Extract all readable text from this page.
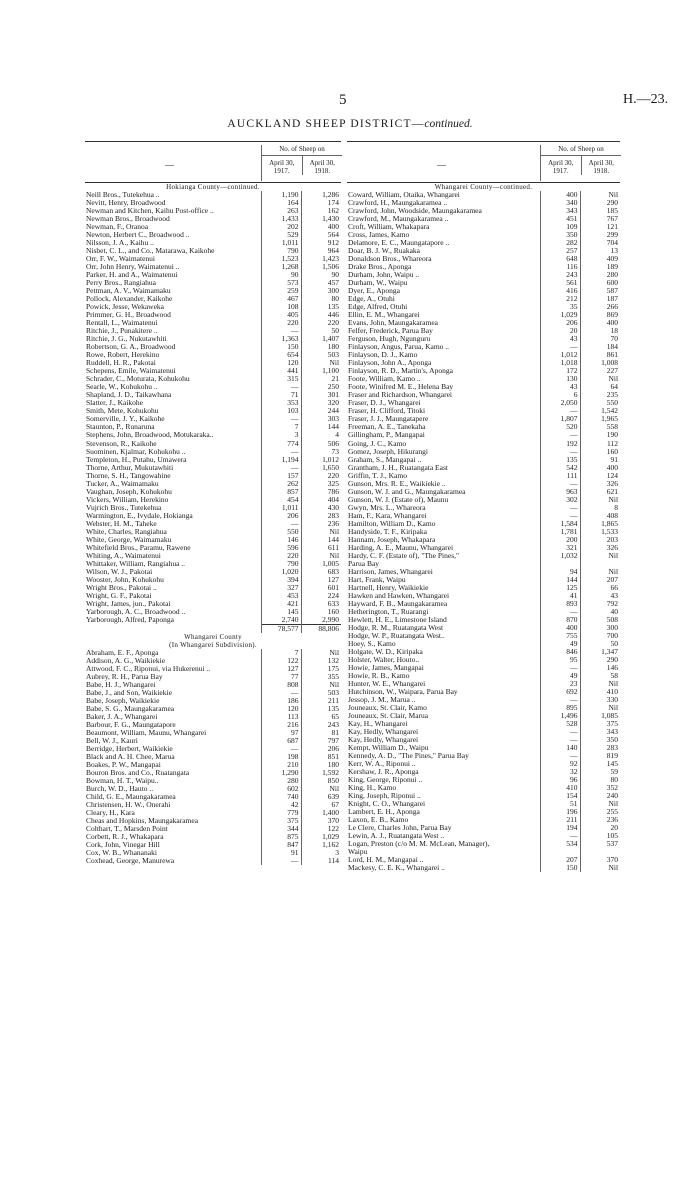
5	H.—23.
AUCKLAND SHEEP DISTRICT—continued.
—
No. of Sheep on
April 30, 1917.
April 30, 1918.
Hokianga County—continued.		
Neill Bros., Tutekehua ..	1,190	1,286
Nevitt, Henry, Broadwood	164	174
Newman and Kitchen, Kaihu Post-office ..	263	162
Newman Bros., Broadwood	1,433	1,430
Newman, F., Oranoa	202	400
Newton, Herbert C., Broadwood ..	529	564
Nilsson, J. A., Kaihu ..	1,011	912
Nisbet, C. L., and Co., Matarawa, Kaikohe	790	964
Orr, F. W., Waimatenui	1,523	1,423
Orr, John Henry, Waimatenui ..	1,268	1,506
Parker, H. and A., Waimatenui	90	90
Perry Bros., Rangiahua	573	457
Pettman, A. V., Waimamaku	259	300
Pollock, Alexander, Kaikohe	467	80
Powick, Jesse, Wekaweka	108	135
Primmer, G. H., Broadwood	405	446
Rentall, L., Waimatenui	220	220
Ritchie, J., Punakitere ..	—	50
Ritchie, J. G., Nukutawhiti	1,363	1,407
Robertson, G. A., Broadwood	150	180
Rowe, Robert, Herekino	654	503
Ruddell, H. R., Pakotai	120	Nil
Schepens, Emile, Waimatenui	441	1,100
Schrader, C., Moturata, Kohukohu	315	21
Searle, W., Kohukohu ..	—	250
Shapland, J. D., Taikawhana	71	301
Slatter, J., Kaikohe	353	320
Smith, Mete, Kohukohu	103	244
Somerville, J. Y., Kaikohe	—	303
Staunton, P., Runaruna	7	144
Stephens, John, Broadwood, Motukaraka..	3	4
Stevenson, R., Kaikohe	774	506
Suominen, Kjalmar, Kohukohu ..	—	73
Templeton, H., Putahu, Umawera	1,194	1,012
Thorne, Arthur, Mukutawhiti	—	1,650
Thorne, S. H., Tangowahine	157	220
Tucker, A., Waimamaku	262	325
Vaughan, Joseph, Kohukohu	857	786
Vickers, William, Herekino	454	404
Vujrich Bros., Tutekehua	1,011	430
Warmington, E., Ivydale, Hokianga	206	283
Webster, H. M., Taheke	—	236
White, Charles, Rangiahua	550	Nil
White, George, Waimamaku	146	144
Whitefield Bros., Paramu, Rawene	596	611
Whiting, A., Waimatenui	220	Nil
Whittaker, William, Rangiahua ..	790	1,005
Wilson, W. J., Pakotai	1,020	683
Wooster, John, Kohukohu	394	127
Wright Bros., Pakotai ..	327	601
Wright, G. F., Pakotai	453	224
Wright, James, jun., Pakotai	421	633
Yarborough, A. C., Broadwood ..	145	160
Yarborough, Alfred, Paponga	2,740	2,990
	78,577	88,806
Whangarei County		
(In Whangarei Subdivision).		
Abraham, E. F., Aponga	7	Nil
Addison, A. G., Waikiekie	122	132
Attwood, F. C., Riponui, via Hukerenui ..	127	175
Aubrey, R. H., Parua Bay	77	355
Babe, H. J., Whangarei	808	Nil
Babe, J., and Son, Waikiekie	—	503
Babe, Joseph, Waikiekie	186	211
Babe, S. G., Maungakaramea	120	135
Baker, J. A., Whangarei	113	65
Barbour, F. G., Maungatapore	216	243
Beaumont, William, Maunu, Whangarei	97	81
Bell, W. J., Kauri	687	797
Berridge, Herbert, Waikiekie	—	206
Black and A. H. Chee, Marua	198	851
Boakes, P. W., Mangapai	210	180
Bouron Bros. and Co., Ruatangata	1,290	1,592
Bowman, H. T., Waipu..	280	850
Burch, W. D., Hauto ..	602	Nil
Child, G. E., Maungakaramea	740	639
Christensen, H. W., Onerahi	42	67
Cleary, H., Kara	779	1,400
Cheas and Hopkins, Maungakaramea	375	370
Colthart, T., Marsden Point	344	122
Corbett, R. J., Whakapara	875	1,029
Cork, John, Vinegar Hill	847	1,162
Cox, W. B., Whananaki	91	3
Coxhead, George, Manurewa	—	114
—
No. of Sheep on
April 30, 1917.
April 30, 1918.
Whangarei County—continued.		
Coward, William, Otaika, Whangarei	400	Nil
Crawford, H., Maungakaramea ..	340	290
Crawford, John, Woodside, Maungakaramea	343	185
Crawford, M., Maungakaramea ..	451	767
Croft, William, Whakapara	109	121
Cross, James, Kamo	350	299
Delamore, E. C., Maungatapore ..	282	704
Doar, B. J. W., Ruakaka	257	13
Donaldson Bros., Whareora	648	409
Drake Bros., Aponga	116	189
Durham, John, Waipu ..	243	280
Durham, W., Waipu	561	600
Dyer, E., Aponga	416	587
Edge, A., Otuhi	212	187
Edge, Alfred, Otuhi	35	266
Ellin, E. M., Whangarei	1,029	869
Evans, John, Maungakaramea	206	400
Felfer, Frederick, Parua Bay	20	18
Ferguson, Hugh, Ngunguru	43	70
Finlayson, Angus, Parua, Kamo ..	—	184
Finlayson, D. J., Kamo	1,012	861
Finlayson, John A., Aponga	1,018	1,008
Finlayson, R. D., Martin's, Aponga	172	227
Foote, William, Kamo ..	130	Nil
Foote, Winifred M. E., Helena Bay	43	64
Fraser and Richardson, Whangarei	6	235
Fraser, D. J., Whangarei	2,050	550
Fraser, H. Clifford, Titoki	—	1,542
Fraser, J. J., Maungatapere	1,807	1,965
Freeman, A. E., Tanekaha	520	558
Gillingham, P., Mangapai	—	190
Going, J. C., Kamo	192	112
Gomez, Joseph, Hikurangi	—	160
Graham, S., Mangapai ..	135	91
Grantham, J. H., Ruatangata East	542	400
Griffin, T. J., Kamo	111	124
Gunson, Mrs. R. E., Waikiekie ..	—	326
Gunson, W. J. and G., Maungakaramea	963	621
Gunson, W. J. (Estate of), Maunu	302	Nil
Gwyn, Mrs. L., Whareora	—	8
Ham, F., Kara, Whangarei	—	408
Hamilton, William D., Kamo	1,584	1,865
Handyside, T. F., Kiripaka	1,781	1,533
Hannam, Joseph, Whakapara	200	203
Harding, A. E., Maunu, Whangarei	321	326
Hardy, C. F. (Estate of), "The Pines,"	1,032	Nil
Parua Bay		
Harrison, James, Whangarei	94	Nil
Hart, Frank, Waipu	144	207
Hartnell, Henry, Waikiekie	125	66
Hawken and Hawken, Whangarei	41	43
Hayward, F. B., Maungakaramea	893	792
Hetherington, T., Ruarangi	—	40
Hewlett, H. E., Limestone Island	870	508
Hodge, R. M., Ruatangata West	400	300
Hodge, W. P., Ruatangata West..	755	700
Hoey, S., Kamo	49	50
Holgate, W. D., Kiripaka	846	1,347
Holster, Walter, Houto..	95	290
Howie, James, Mangapai	—	146
Howie, R. B., Kamo	49	58
Hunter, W. E., Whangarei	23	Nil
Hutchinson, W., Waipara, Parua Bay	692	410
Jessop, J. M., Marua ..	—	330
Jouneaux, St. Clair, Kamo	895	Nil
Jouneaux, St. Clair, Marua	1,496	1,085
Kay, H., Whangarei	528	375
Kay, Hedly, Whangarei	—	343
Kay, Hedly, Whangarei	—	350
Kempt, William D., Waipu	140	283
Kennedy, A. D., "The Pines," Parua Bay	—	819
Kerr, W. A., Riponui ..	92	145
Kershaw, J. R., Aponga	32	59
King, George, Riponui ..	96	80
King, H., Kamo	410	352
King, Joseph, Riponui ..	154	240
Knight, C. O., Whangarei	51	Nil
Lambert, E. H., Aponga	196	255
Laxon, E. B., Kamo	211	236
Le Clere, Charles John, Parua Bay	194	20
Lewin, A. J., Ruatangata West ..	—	105
Logan, Preston (c/o M. M. McLean, Manager),	534	537
Waipu		
Lord, H. M., Mangapai ..	207	370
Mackesy, C. E. K., Whangarei ..	150	Nil
